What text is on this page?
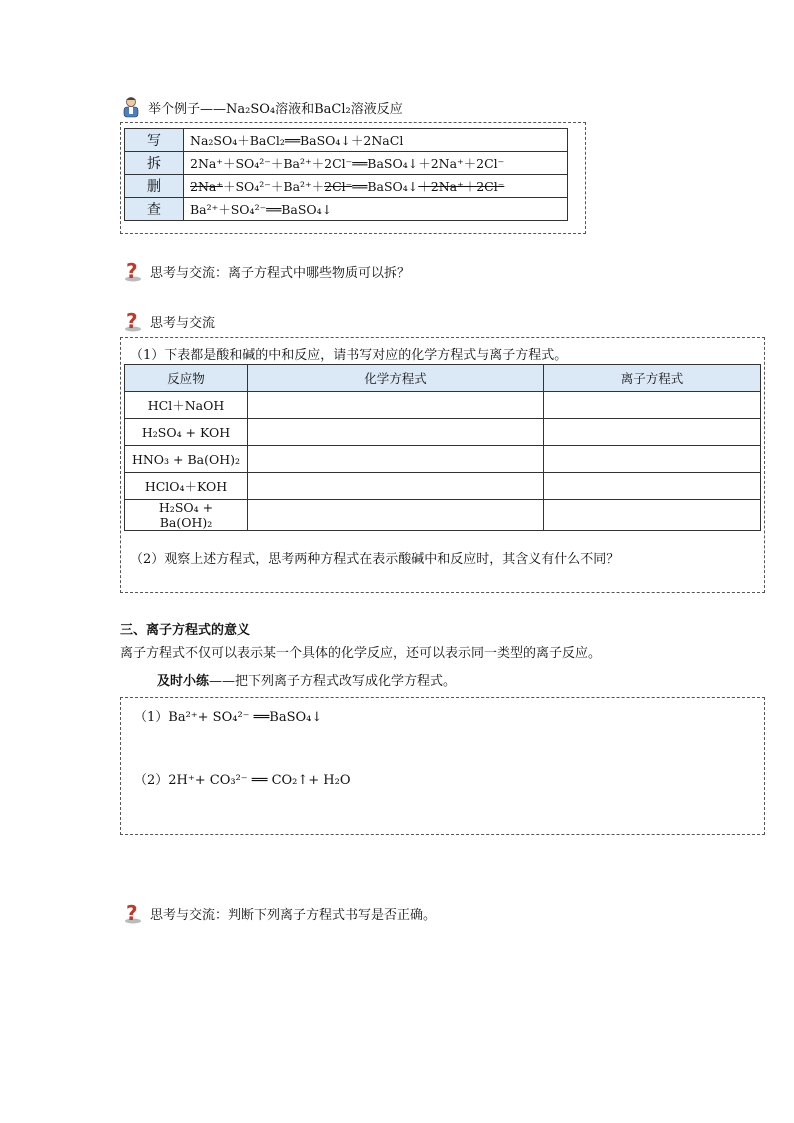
举个例子——Na₂SO₄溶液和BaCl₂溶液反应
写	Na₂SO₄＋BaCl₂══BaSO₄↓＋2NaCl
拆	2Na⁺＋SO₄²⁻＋Ba²⁺＋2Cl⁻══BaSO₄↓＋2Na⁺＋2Cl⁻
删	2Na⁺＋SO₄²⁻＋Ba²⁺＋2Cl⁻══BaSO₄↓＋2Na⁺＋2Cl⁻
查	Ba²⁺＋SO₄²⁻══BaSO₄↓
? 思考与交流：离子方程式中哪些物质可以拆？
? 思考与交流
（1）下表都是酸和碱的中和反应，请书写对应的化学方程式与离子方程式。
反应物	化学方程式	离子方程式
HCl＋NaOH		
H₂SO₄ + KOH		
HNO₃ + Ba(OH)₂		
HClO₄＋KOH		
H₂SO₄ + Ba(OH)₂		
（2）观察上述方程式，思考两种方程式在表示酸碱中和反应时，其含义有什么不同？
三、离子方程式的意义
离子方程式不仅可以表示某一个具体的化学反应，还可以表示同一类型的离子反应。
及时小练——把下列离子方程式改写成化学方程式。
（1）Ba²⁺+ SO₄²⁻ ══BaSO₄↓
（2）2H⁺+ CO₃²⁻ ══ CO₂↑+ H₂O
? 思考与交流：判断下列离子方程式书写是否正确。
